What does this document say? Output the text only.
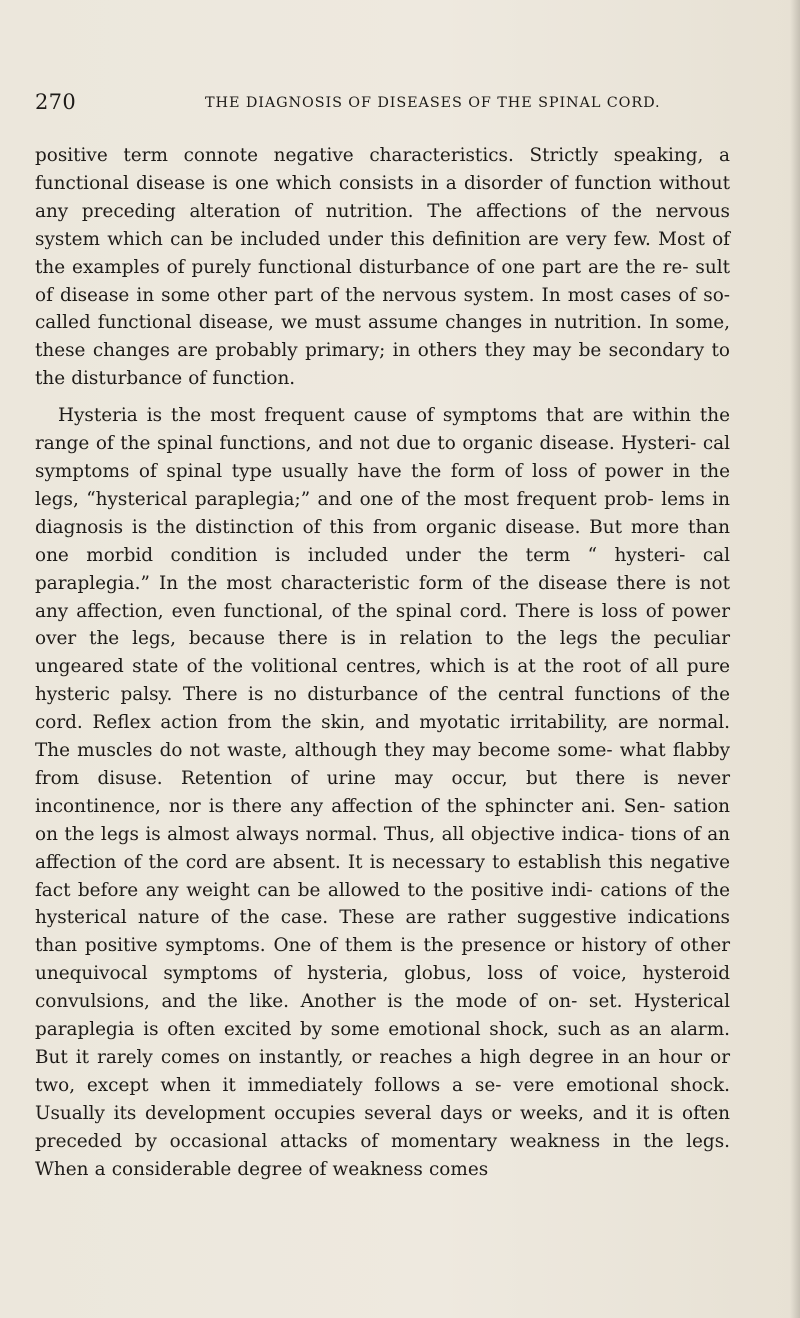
270	THE DIAGNOSIS OF DISEASES OF THE SPINAL CORD.

positive term connote negative characteristics. Strictly speaking, a functional disease is one which consists in a disorder of function without any preceding alteration of nutrition. The affections of the nervous system which can be included under this definition are very few. Most of the examples of purely functional disturbance of one part are the re- sult of disease in some other part of the nervous system. In most cases of so-called functional disease, we must assume changes in nutrition. In some, these changes are probably primary; in others they may be secondary to the disturbance of function.

Hysteria is the most frequent cause of symptoms that are within the range of the spinal functions, and not due to organic disease. Hysteri- cal symptoms of spinal type usually have the form of loss of power in the legs, “hysterical paraplegia;” and one of the most frequent prob- lems in diagnosis is the distinction of this from organic disease. But more than one morbid condition is included under the term “ hysteri- cal paraplegia.” In the most characteristic form of the disease there is not any affection, even functional, of the spinal cord. There is loss of power over the legs, because there is in relation to the legs the peculiar ungeared state of the volitional centres, which is at the root of all pure hysteric palsy. There is no disturbance of the central functions of the cord. Reflex action from the skin, and myotatic irritability, are normal. The muscles do not waste, although they may become some- what flabby from disuse. Retention of urine may occur, but there is never incontinence, nor is there any affection of the sphincter ani. Sen- sation on the legs is almost always normal. Thus, all objective indica- tions of an affection of the cord are absent. It is necessary to establish this negative fact before any weight can be allowed to the positive indi- cations of the hysterical nature of the case. These are rather suggestive indications than positive symptoms. One of them is the presence or history of other unequivocal symptoms of hysteria, globus, loss of voice, hysteroid convulsions, and the like. Another is the mode of on- set. Hysterical paraplegia is often excited by some emotional shock, such as an alarm. But it rarely comes on instantly, or reaches a high degree in an hour or two, except when it immediately follows a se- vere emotional shock. Usually its development occupies several days or weeks, and it is often preceded by occasional attacks of momentary weakness in the legs. When a considerable degree of weakness comes
